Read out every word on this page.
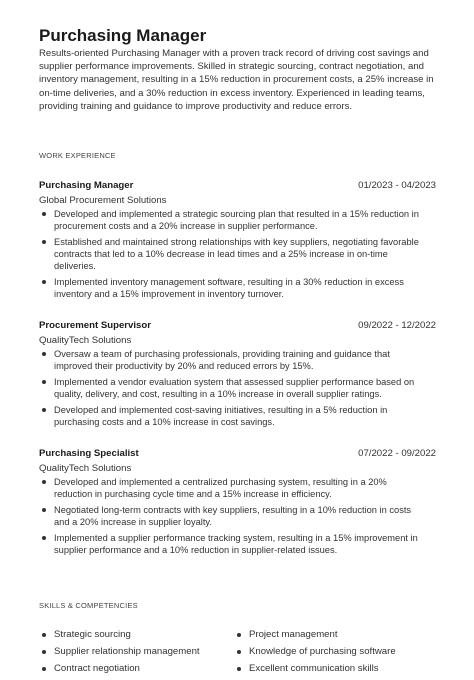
Purchasing Manager

Results-oriented Purchasing Manager with a proven track record of driving cost savings and supplier performance improvements. Skilled in strategic sourcing, contract negotiation, and inventory management, resulting in a 15% reduction in procurement costs, a 25% increase in on-time deliveries, and a 30% reduction in excess inventory. Experienced in leading teams, providing training and guidance to improve productivity and reduce errors.

WORK EXPERIENCE

Purchasing Manager	01/2023 - 04/2023
Global Procurement Solutions
Developed and implemented a strategic sourcing plan that resulted in a 15% reduction in procurement costs and a 20% increase in supplier performance.
Established and maintained strong relationships with key suppliers, negotiating favorable contracts that led to a 10% decrease in lead times and a 25% increase in on-time deliveries.
Implemented inventory management software, resulting in a 30% reduction in excess inventory and a 15% improvement in inventory turnover.
Procurement Supervisor	09/2022 - 12/2022
QualityTech Solutions
Oversaw a team of purchasing professionals, providing training and guidance that improved their productivity by 20% and reduced errors by 15%.
Implemented a vendor evaluation system that assessed supplier performance based on quality, delivery, and cost, resulting in a 10% increase in overall supplier ratings.
Developed and implemented cost-saving initiatives, resulting in a 5% reduction in purchasing costs and a 10% increase in cost savings.
Purchasing Specialist	07/2022 - 09/2022
QualityTech Solutions
Developed and implemented a centralized purchasing system, resulting in a 20% reduction in purchasing cycle time and a 15% increase in efficiency.
Negotiated long-term contracts with key suppliers, resulting in a 10% reduction in costs and a 20% increase in supplier loyalty.
Implemented a supplier performance tracking system, resulting in a 15% improvement in supplier performance and a 10% reduction in supplier-related issues.

SKILLS & COMPETENCIES

Strategic sourcing	Project management
Supplier relationship management	Knowledge of purchasing software
Contract negotiation	Excellent communication skills
